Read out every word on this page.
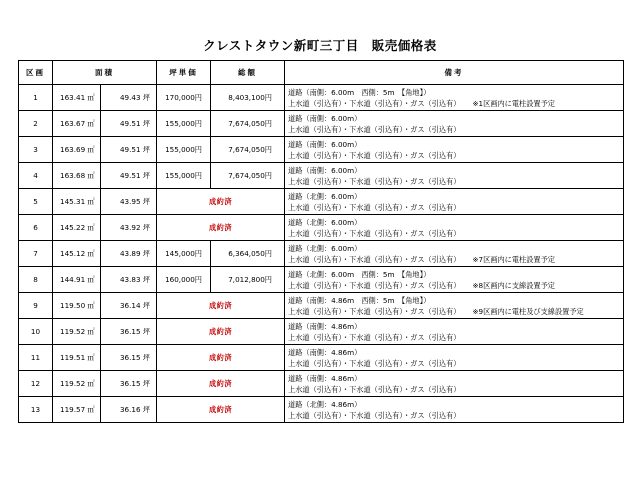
クレストタウン新町三丁目　販売価格表
区画	面積		坪単価	総額	備考
1	163.41 ㎡	49.43 坪	170,000円	8,403,100円	道路（南側：6.00m　西側：5m　【角地】）
上水道（引込有）・下水道（引込有）・ガス（引込有） ※1区画内に電柱設置予定

2	163.67 ㎡	49.51 坪	155,000円	7,674,050円	道路（南側：6.00m）
上水道（引込有）・下水道（引込有）・ガス（引込有）

3	163.69 ㎡	49.51 坪	155,000円	7,674,050円	道路（南側：6.00m）
上水道（引込有）・下水道（引込有）・ガス（引込有）

4	163.68 ㎡	49.51 坪	155,000円	7,674,050円	道路（南側：6.00m）
上水道（引込有）・下水道（引込有）・ガス（引込有）

5	145.31 ㎡	43.95 坪	成約済		道路（北側：6.00m）
上水道（引込有）・下水道（引込有）・ガス（引込有）

6	145.22 ㎡	43.92 坪	成約済		道路（北側：6.00m）
上水道（引込有）・下水道（引込有）・ガス（引込有）

7	145.12 ㎡	43.89 坪	145,000円	6,364,050円	道路（北側：6.00m）
上水道（引込有）・下水道（引込有）・ガス（引込有） ※7区画内に電柱設置予定

8	144.91 ㎡	43.83 坪	160,000円	7,012,800円	道路（北側：6.00m　西側：5m　【角地】）
上水道（引込有）・下水道（引込有）・ガス（引込有） ※8区画内に支線設置予定

9	119.50 ㎡	36.14 坪	成約済		道路（南側：4.86m　西側：5m　【角地】）
上水道（引込有）・下水道（引込有）・ガス（引込有） ※9区画内に電柱及び支線設置予定

10	119.52 ㎡	36.15 坪	成約済		道路（南側：4.86m）
上水道（引込有）・下水道（引込有）・ガス（引込有）

11	119.51 ㎡	36.15 坪	成約済		道路（南側：4.86m）
上水道（引込有）・下水道（引込有）・ガス（引込有）

12	119.52 ㎡	36.15 坪	成約済		道路（南側：4.86m）
上水道（引込有）・下水道（引込有）・ガス（引込有）

13	119.57 ㎡	36.16 坪	成約済		道路（北側：4.86m）
上水道（引込有）・下水道（引込有）・ガス（引込有）
